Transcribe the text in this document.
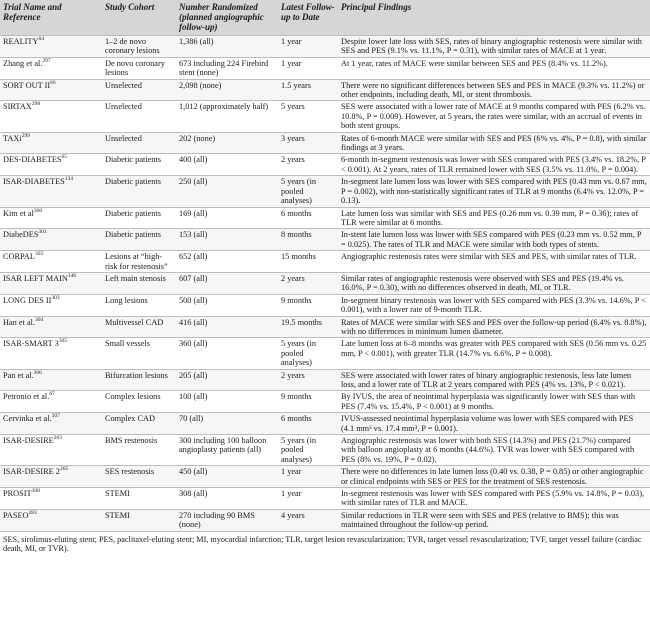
Trial Name and Reference	Study Cohort	Number Randomized (planned angiographic follow-up)	Latest Follow-up to Date	Principal Findings
REALITY$^{64}$	1–2 de novo coronary lesions	1,386 (all)	1 year	Despite lower late loss with SES, rates of binary angiographic restenosis were similar with SES and PES (9.1% vs. 11.1%, P = 0.31), with similar rates of MACE at 1 year.
Zhang et al.$^{297}$	De novo coronary lesions	673 including 224 Firebird stent (none)	1 year	At 1 year, rates of MACE were similar between SES and PES (8.4% vs. 11.2%).
SORT OUT II$^{66}$	Unselected	2,098 (none)	1.5 years	There were no significant differences between SES and PES in MACE (9.3% vs. 11.2%) or other endpoints, including death, MI, or stent thrombosis.
SIRTAX$^{298}$	Unselected	1,012 (approximately half)	5 years	SES were associated with a lower rate of MACE at 9 months compared with PES (6.2% vs. 10.8%, P = 0.009). However, at 5 years, the rates were similar, with an accrual of events in both stent groups.
TAXi$^{299}$	Unselected	202 (none)	3 years	Rates of 6-month MACE were similar with SES and PES (6% vs. 4%, P = 0.8), with similar findings at 3 years.
DES-DIABETES$^{65}$	Diabetic patients	400 (all)	2 years	6-month in-segment restenosis was lower with SES compared with PES (3.4% vs. 18.2%, P < 0.001). At 2 years, rates of TLR remained lower with SES (3.5% vs. 11.0%, P = 0.004).
ISAR-DIABETES$^{134}$	Diabetic patients	250 (all)	5 years (in pooled analyses)	In-segment late lumen loss was lower with SES compared with PES (0.43 mm vs. 0.67 mm, P = 0.002), with non-statistically significant rates of TLR at 9 months (6.4% vs. 12.0%, P = 0.13).
Kim et $al^{300}$	Diabetic patients	169 (all)	6 months	Late lumen loss was similar with SES and PES (0.26 mm vs. 0.39 mm, P = 0.36); rates of TLR were similar at 6 months.
DiabeDES$^{301}$	Diabetic patients	153 (all)	8 months	In-stent late lumen loss was lower with SES compared with PES (0.23 mm vs. 0.52 mm, P = 0.025). The rates of TLR and MACE were similar with both types of stents.
CORPAL$^{302}$	Lesions at “high-risk for restenosis”	652 (all)	15 months	Angiographic restenosis rates were similar with SES and PES, with similar rates of TLR.
ISAR LEFT MAIN$^{146}$	Left main stenosis	607 (all)	2 years	Similar rates of angiographic restenosis were observed with SES and PES (19.4% vs. 16.0%, P = 0.30), with no differences observed in death, MI, or TLR.
LONG DES II$^{303}$	Long lesions	500 (all)	9 months	In-segment binary restenosis was lower with SES compared with PES (3.3% vs. 14.6%, P < 0.001), with a lower rate of 9-month TLR.
Han et al.$^{304}$	Multivessel CAD	416 (all)	19.5 months	Rates of MACE were similar with SES and PES over the follow-up period (6.4% vs. 8.8%), with no differences in minimum lumen diameter.
ISAR-SMART $3^{305}$	Small vessels	360 (all)	5 years (in pooled analyses)	Late lumen loss at 6–8 months was greater with PES compared with SES (0.56 mm vs. 0.25 mm, P < 0.001), with greater TLR (14.7% vs. 6.6%, P = 0.008).
Pan et al.$^{306}$	Bifurcation lesions	205 (all)	2 years	SES were associated with lower rates of binary angiographic restenosis, less late lumen loss, and a lower rate of TLR at 2 years compared with PES (4% vs. 13%, P < 0.021).
Petronio et al.$^{67}$	Complex lesions	100 (all)	9 months	By IVUS, the area of neointimal hyperplasia was significantly lower with SES than with PES (7.4% vs. 15.4%, P < 0.001) at 9 months.
Cervinka et al.$^{307}$	Complex CAD	70 (all)	6 months	IVUS-assessed neointimal hyperplasia volume was lower with SES compared with PES (4.1 mm³ vs. 17.4 mm³, P = 0.001).
ISAR-DESIRE$^{263}$	BMS restenosis	300 including 100 balloon angioplasty patients (all)	5 years (in pooled analyses)	Angiographic restenosis was lower with both SES (14.3%) and PES (21.7%) compared with balloon angioplasty at 6 months (44.6%). TVR was lower with SES compared with PES (8% vs. 19%, P = 0.02).
ISAR-DESIRE $2^{265}$	SES restenosis	450 (all)	1 year	There were no differences in late lumen loss (0.40 vs. 0.38, P = 0.85) or other angiographic or clinical endpoints with SES or PES for the treatment of SES restenosis.
PROSIT$^{308}$	STEMI	308 (all)	1 year	In-segment restenosis was lower with SES compared with PES (5.9% vs. 14.8%, P = 0.03), with similar rates of TLR and MACE.
PASEO$^{283}$	STEMI	270 including 90 BMS (none)	4 years	Similar reductions in TLR were seen with SES and PES (relative to BMS); this was maintained throughout the follow-up period.
SES, sirolimus-eluting stent; PES, paclitaxel-eluting stent; MI, myocardial infarction; TLR, target lesion revascularization; TVR, target vessel revascularization; TVF, target vessel failure (cardiac death, MI, or TVR).
